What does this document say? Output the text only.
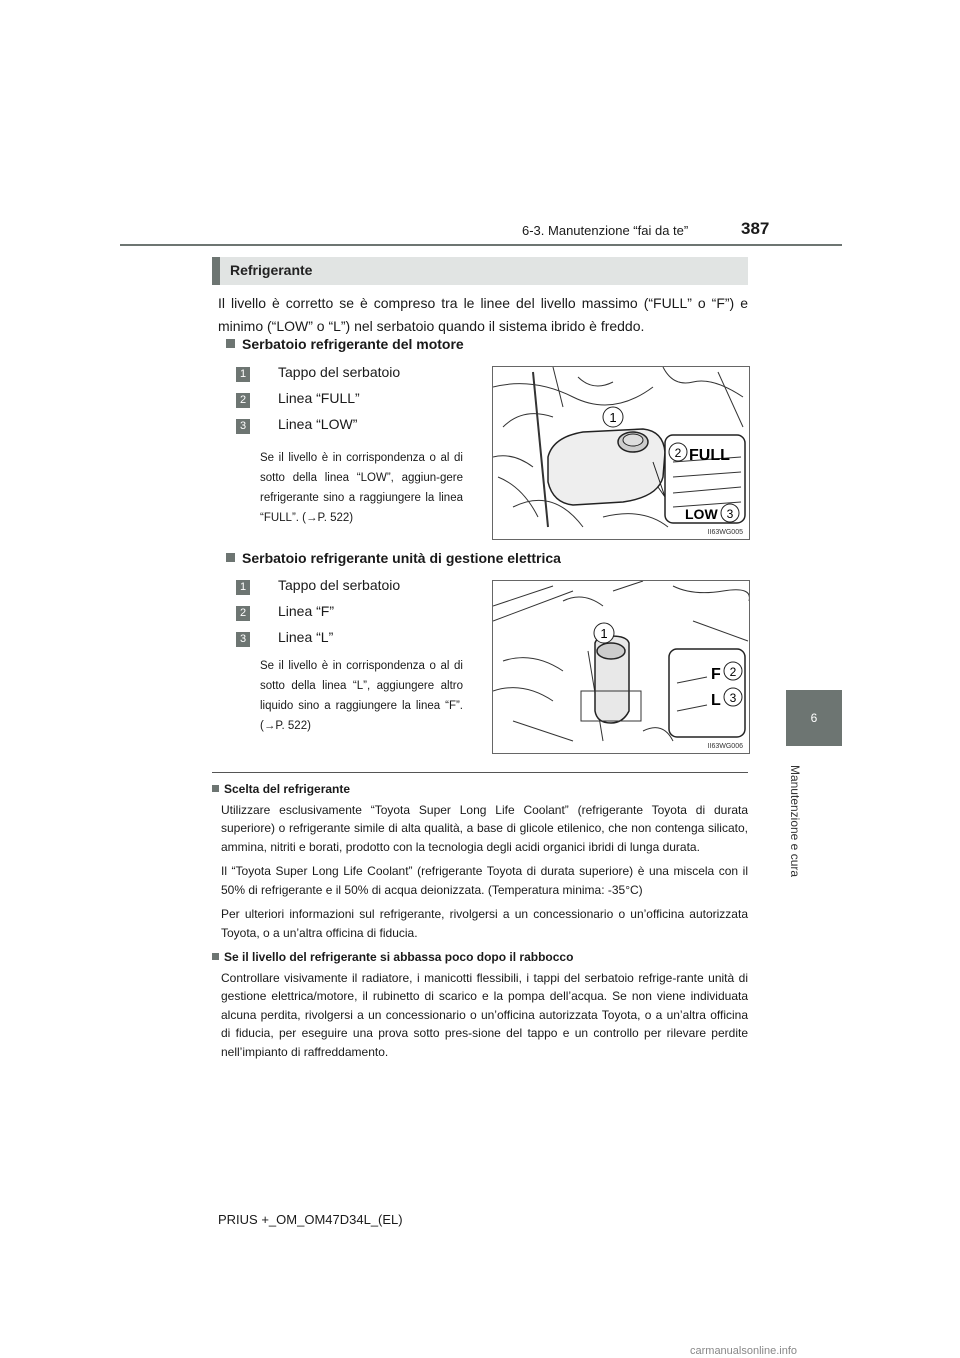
6-3. Manutenzione “fai da te”	387
6
Manutenzione e cura
Refrigerante
Il livello è corretto se è compreso tra le linee del livello massimo (“FULL” o “F”) e minimo (“LOW” o “L”) nel serbatoio quando il sistema ibrido è freddo.
Serbatoio refrigerante del motore
1 Tappo del serbatoio
2 Linea “FULL”
3 Linea “LOW”
Se il livello è in corrispondenza o al di sotto della linea “LOW”, aggiun-gere refrigerante sino a raggiungere la linea “FULL”. (→P. 522)
1
2 FULL
LOW 3
II63WG005
Serbatoio refrigerante unità di gestione elettrica
1 Tappo del serbatoio
2 Linea “F”
3 Linea “L”
Se il livello è in corrispondenza o al di sotto della linea “L”, aggiungere altro liquido sino a raggiungere la linea “F”. (→P. 522)
1
F 2
L 3
II63WG006
Scelta del refrigerante

Utilizzare esclusivamente “Toyota Super Long Life Coolant” (refrigerante Toyota di durata superiore) o refrigerante simile di alta qualità, a base di glicole etilenico, che non contenga silicato, ammina, nitriti e borati, prodotto con la tecnologia degli acidi organici ibridi di lunga durata.

Il “Toyota Super Long Life Coolant” (refrigerante Toyota di durata superiore) è una miscela con il 50% di refrigerante e il 50% di acqua deionizzata. (Temperatura minima: -35°C)

Per ulteriori informazioni sul refrigerante, rivolgersi a un concessionario o un’officina autorizzata Toyota, o a un’altra officina di fiducia.

Se il livello del refrigerante si abbassa poco dopo il rabbocco

Controllare visivamente il radiatore, i manicotti flessibili, i tappi del serbatoio refrige-rante unità di gestione elettrica/motore, il rubinetto di scarico e la pompa dell’acqua. Se non viene individuata alcuna perdita, rivolgersi a un concessionario o un’officina autorizzata Toyota, o a un’altra officina di fiducia, per eseguire una prova sotto pres-sione del tappo e un controllo per rilevare perdite nell’impianto di raffreddamento.

PRIUS +_OM_OM47D34L_(EL)
carmanualsonline.info
